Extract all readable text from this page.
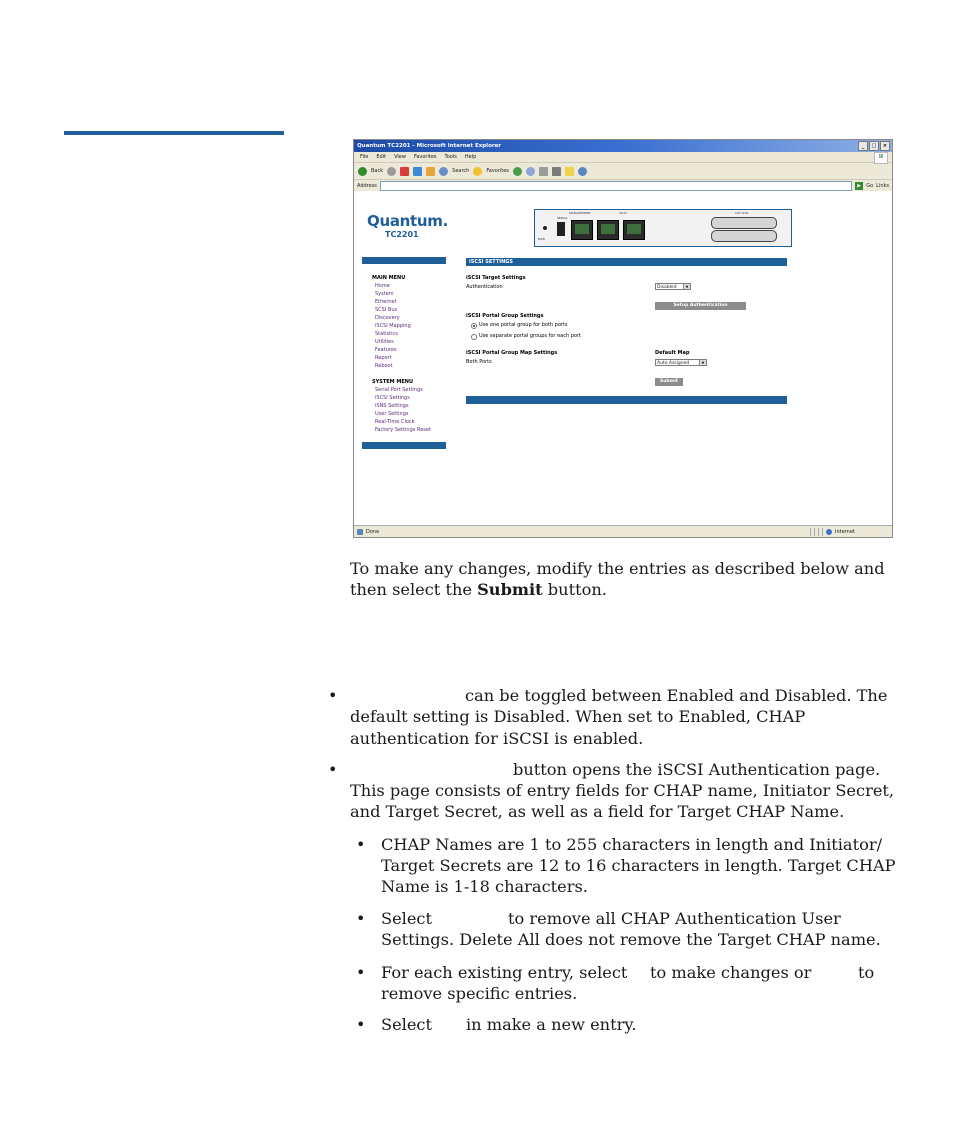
Quantum TC2201 - Microsoft Internet Explorer	_	□	×
File Edit View Favorites Tools Help	⊞
Back	Search	Favorites
Address	▶	Go Links
Quantum.
TC2201
MANAGEMENT
SERIAL
iSCSI	LVD SCSI
PWR
MAIN MENU
Home
System
Ethernet
SCSI Bus
Discovery
iSCSI Mapping
Statistics
Utilities
Features
Report
Reboot
SYSTEM MENU
Serial Port Settings
iSCSI Settings
iSNS Settings
User Settings
Real-Time Clock
Factory Settings Reset
iSCSI SETTINGS
iSCSI Target Settings
Authentication	Disabled	▼
Setup Authentication
iSCSI Portal Group Settings
Use one portal group for both ports
Use separate portal groups for each port
iSCSI Portal Group Map Settings
Both Ports
Default Map
Auto Assigned	▼
Submit
Done	Internet
To make any changes, modify the entries as described below and
then select the Submit button.
•	can be toggled between Enabled and Disabled. The
default setting is Disabled. When set to Enabled, CHAP
authentication for iSCSI is enabled.
•	button opens the iSCSI Authentication page.
This page consists of entry fields for CHAP name, Initiator Secret,
and Target Secret, as well as a field for Target CHAP Name.
• CHAP Names are 1 to 255 characters in length and Initiator/
Target Secrets are 12 to 16 characters in length. Target CHAP
Name is 1-18 characters.
• Select	to remove all CHAP Authentication User
Settings. Delete All does not remove the Target CHAP name.
• For each existing entry, select to make changes or	to
remove specific entries.
• Select in make a new entry.
